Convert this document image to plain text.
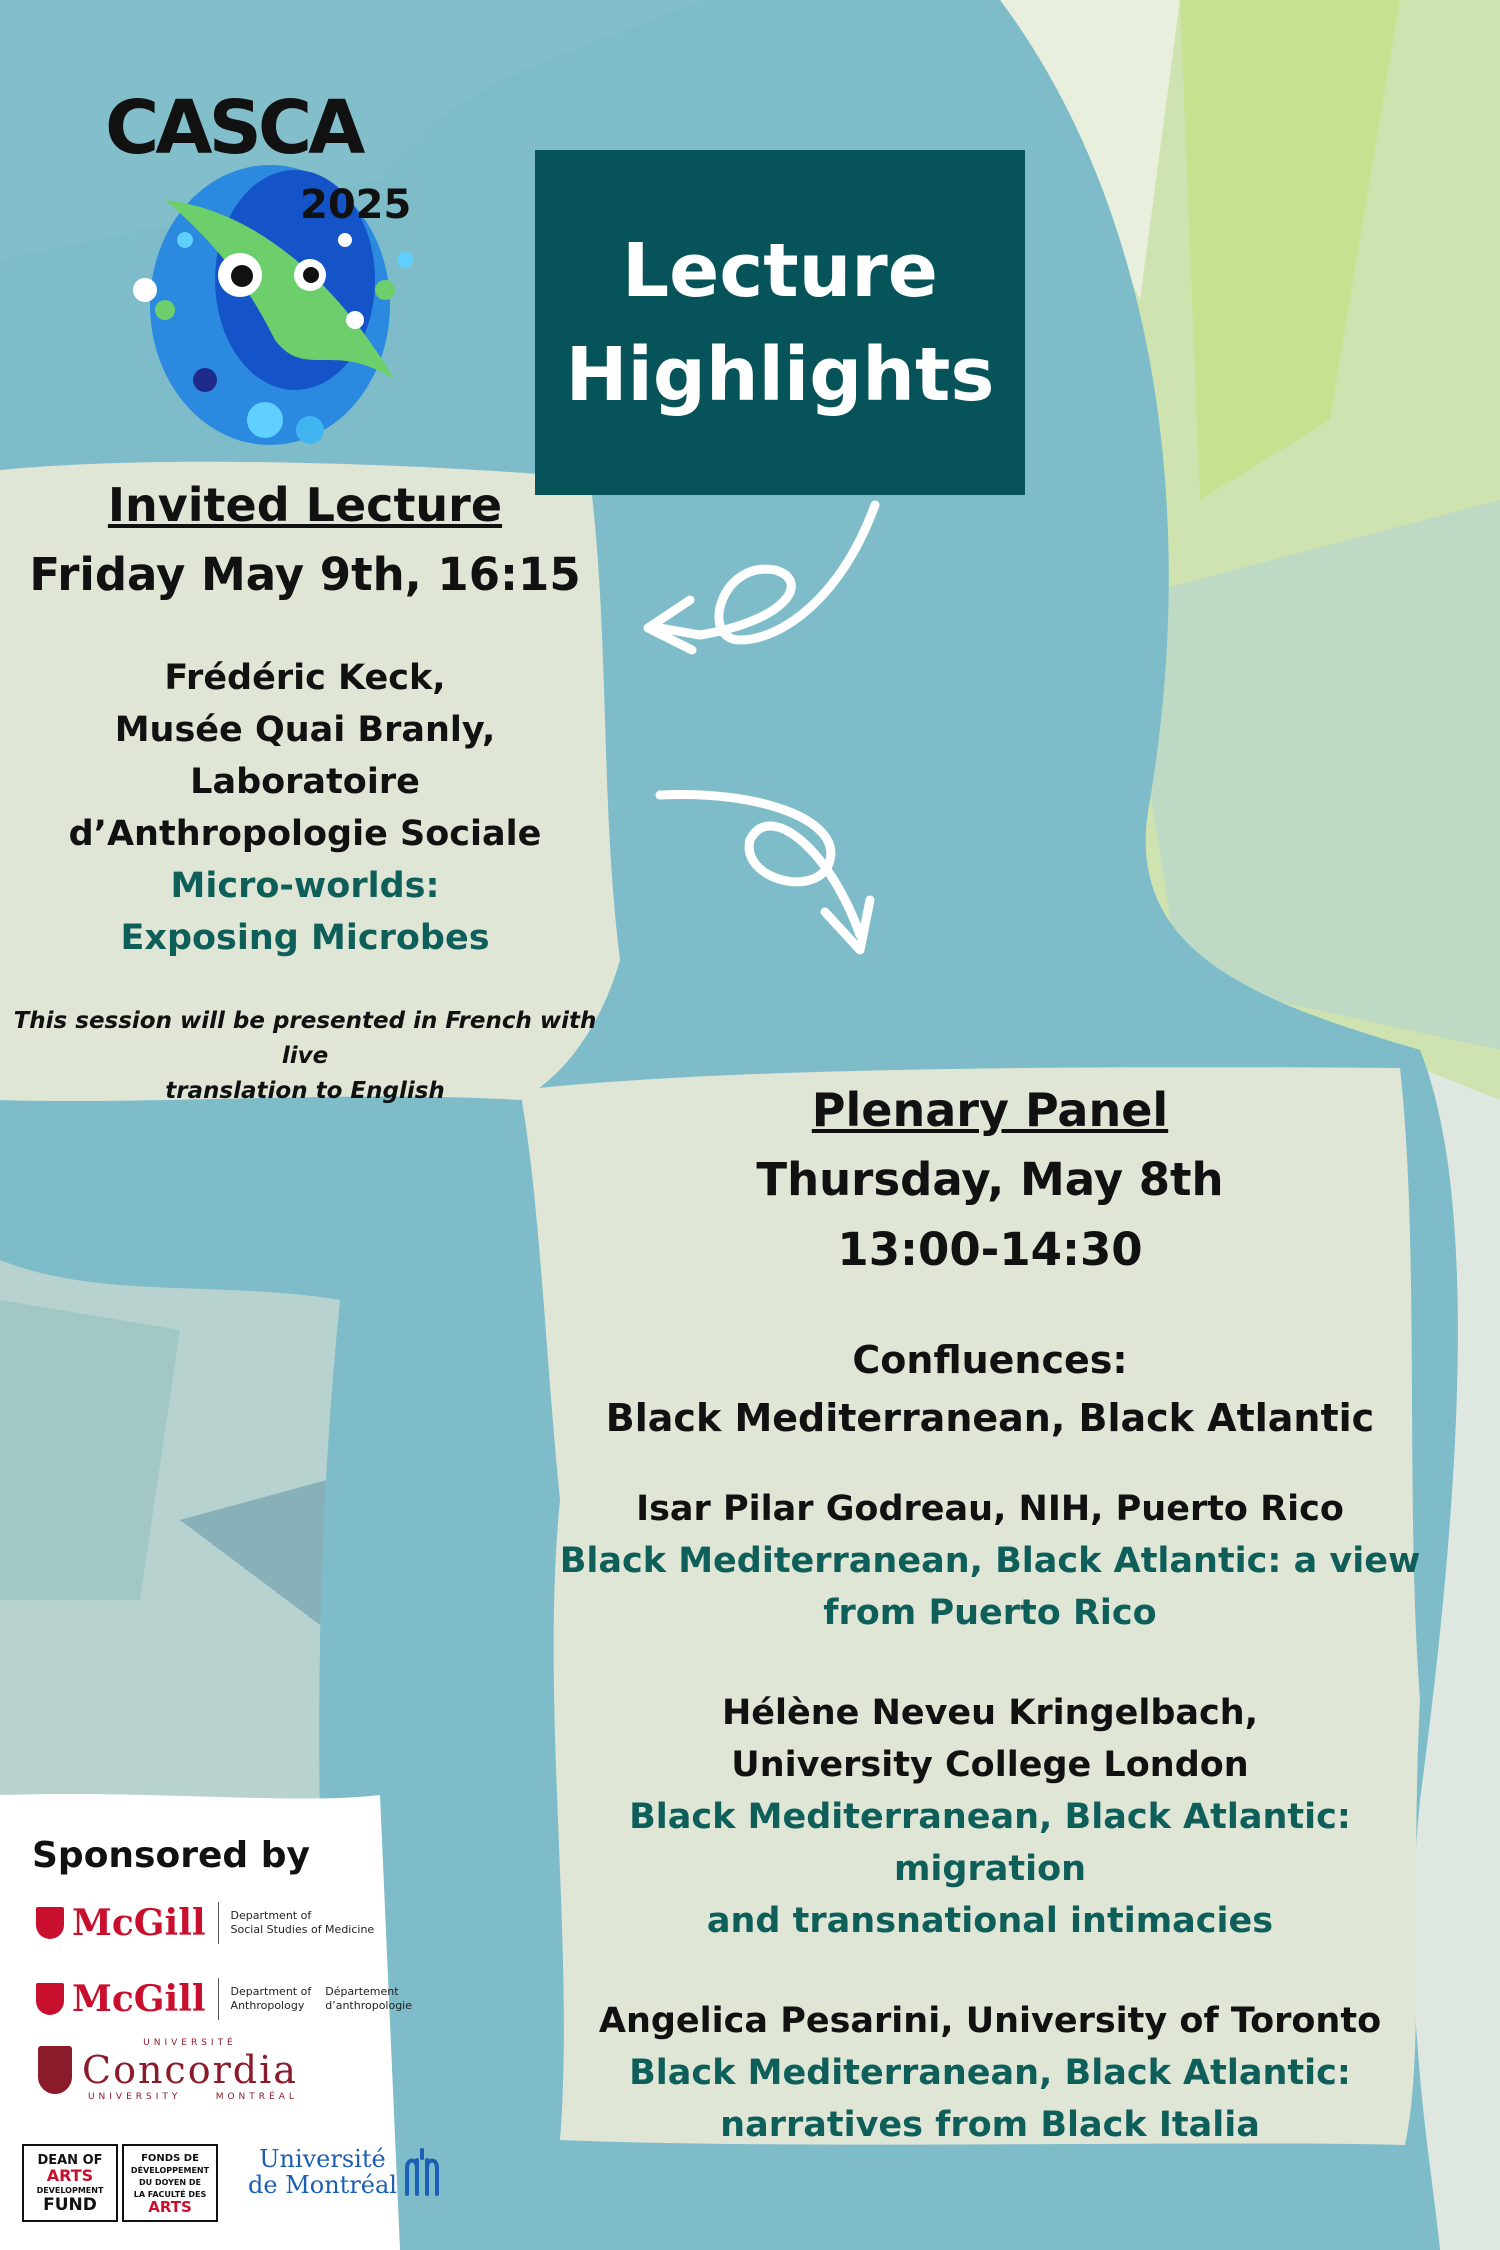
CASCA
2025
Lecture
Highlights
Invited Lecture
Friday May 9th, 16:15
Frédéric Keck,
Musée Quai Branly, Laboratoire
d’Anthropologie Sociale
Micro-worlds:
Exposing Microbes
This session will be presented in French with live
translation to English	Plenary Panel
Thursday, May 8th
13:00-14:30
Confluences:
Black Mediterranean, Black Atlantic
Isar Pilar Godreau, NIH, Puerto Rico
Black Mediterranean, Black Atlantic: a view
from Puerto Rico
Hélène Neveu Kringelbach,
University College London
Black Mediterranean, Black Atlantic: migration
and transnational intimacies
Angelica Pesarini, University of Toronto
Black Mediterranean, Black Atlantic:
narratives from Black Italia
Sponsored by
McGill	Department of
Social Studies of Medicine
McGill	Department of
Anthropology
Département
d’anthropologie
UNIVERSITÉ
Concordia
UNIVERSITY     MONTRÉAL
DEAN OF
ARTS
DEVELOPMENT
FUND
FONDS DE
DÉVELOPPEMENT
DU DOYEN DE
LA FACULTÉ DES
ARTS
Université
de Montréal
